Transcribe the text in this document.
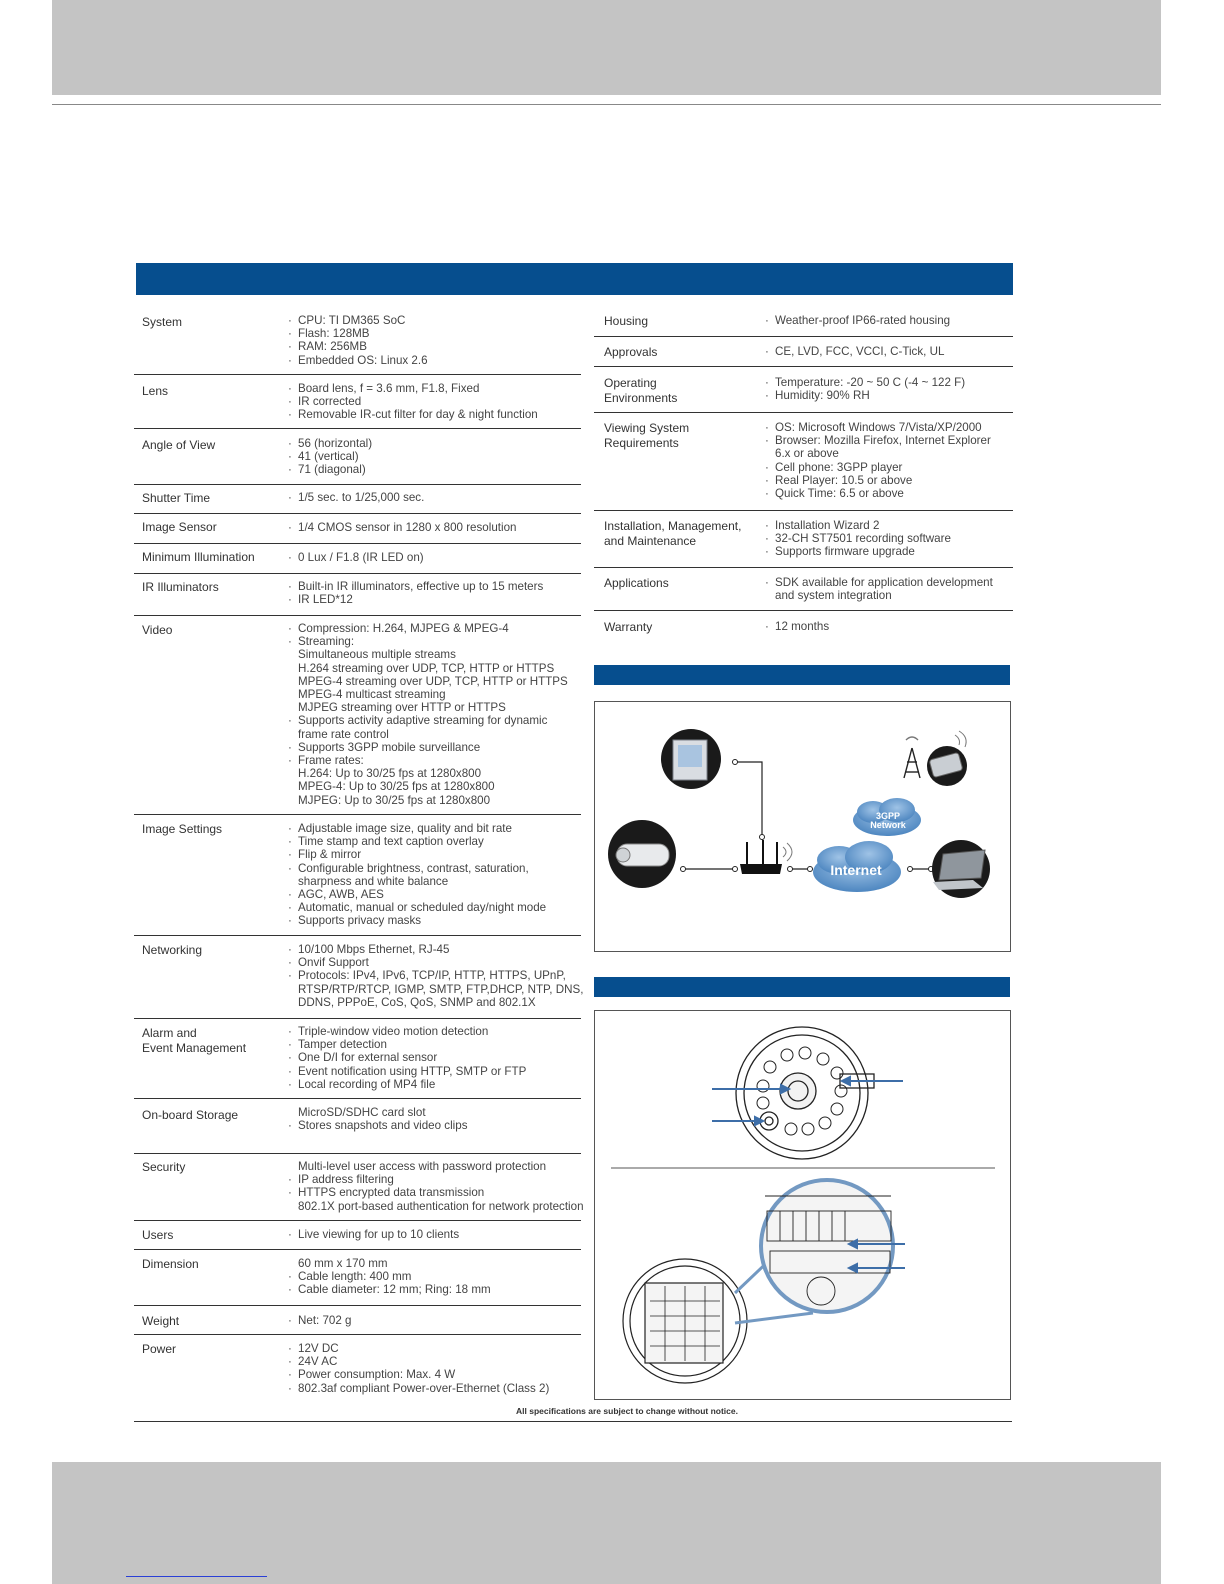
System	· CPU: TI DM365 SoC
· Flash: 128MB
· RAM: 256MB
· Embedded OS: Linux 2.6
Lens	· Board lens, f = 3.6 mm, F1.8, Fixed
· IR corrected
· Removable IR-cut filter for day & night function
Angle of View	· 56 (horizontal)
· 41 (vertical)
· 71 (diagonal)
Shutter Time	· 1/5 sec. to 1/25,000 sec.
Image Sensor	· 1/4 CMOS sensor in 1280 x 800 resolution
Minimum Illumination	· 0 Lux / F1.8 (IR LED on)
IR Illuminators	· Built-in IR illuminators, effective up to 15 meters
· IR LED*12
Video	· Compression: H.264, MJPEG & MPEG-4
· Streaming:
Simultaneous multiple streams
H.264 streaming over UDP, TCP, HTTP or HTTPS
MPEG-4 streaming over UDP, TCP, HTTP or HTTPS
MPEG-4 multicast streaming
MJPEG streaming over HTTP or HTTPS
· Supports activity adaptive streaming for dynamic
frame rate control
· Supports 3GPP mobile surveillance
· Frame rates:
H.264: Up to 30/25 fps at 1280x800
MPEG-4: Up to 30/25 fps at 1280x800
MJPEG: Up to 30/25 fps at 1280x800
Image Settings	· Adjustable image size, quality and bit rate
· Time stamp and text caption overlay
· Flip & mirror
· Configurable brightness, contrast, saturation,
sharpness and white balance
· AGC, AWB, AES
· Automatic, manual or scheduled day/night mode
· Supports privacy masks
Networking	· 10/100 Mbps Ethernet, RJ-45
· Onvif Support
· Protocols: IPv4, IPv6, TCP/IP, HTTP, HTTPS, UPnP,
RTSP/RTP/RTCP, IGMP, SMTP, FTP,DHCP, NTP, DNS,
DDNS, PPPoE, CoS, QoS, SNMP and 802.1X
Alarm and
Event Management
· Triple-window video motion detection
· Tamper detection
· One D/I for external sensor
· Event notification using HTTP, SMTP or FTP
· Local recording of MP4 file
On-board Storage	MicroSD/SDHC card slot
· Stores snapshots and video clips
Security	Multi-level user access with password protection
· IP address filtering
· HTTPS encrypted data transmission
802.1X port-based authentication for network protection
Users	· Live viewing for up to 10 clients
Dimension	60 mm x 170 mm
· Cable length: 400 mm
· Cable diameter: 12 mm; Ring: 18 mm
Weight	· Net: 702 g
Power	· 12V DC
· 24V AC
· Power consumption: Max. 4 W
· 802.3af compliant Power-over-Ethernet (Class 2)
Housing	· Weather-proof IP66-rated housing
Approvals	· CE, LVD, FCC, VCCI, C-Tick, UL
Operating
Environments
· Temperature: -20 ~ 50 C (-4 ~ 122 F)
· Humidity: 90% RH
Viewing System
Requirements
· OS: Microsoft Windows 7/Vista/XP/2000
· Browser: Mozilla Firefox, Internet Explorer
6.x or above
· Cell phone: 3GPP player
· Real Player: 10.5 or above
· Quick Time: 6.5 or above
Installation, Management,
and Maintenance
· Installation Wizard 2
· 32-CH ST7501 recording software
· Supports firmware upgrade
Applications	· SDK available for application development
and system integration
Warranty	· 12 months
3GPP
Network
Internet
All specifications are subject to change without notice.
